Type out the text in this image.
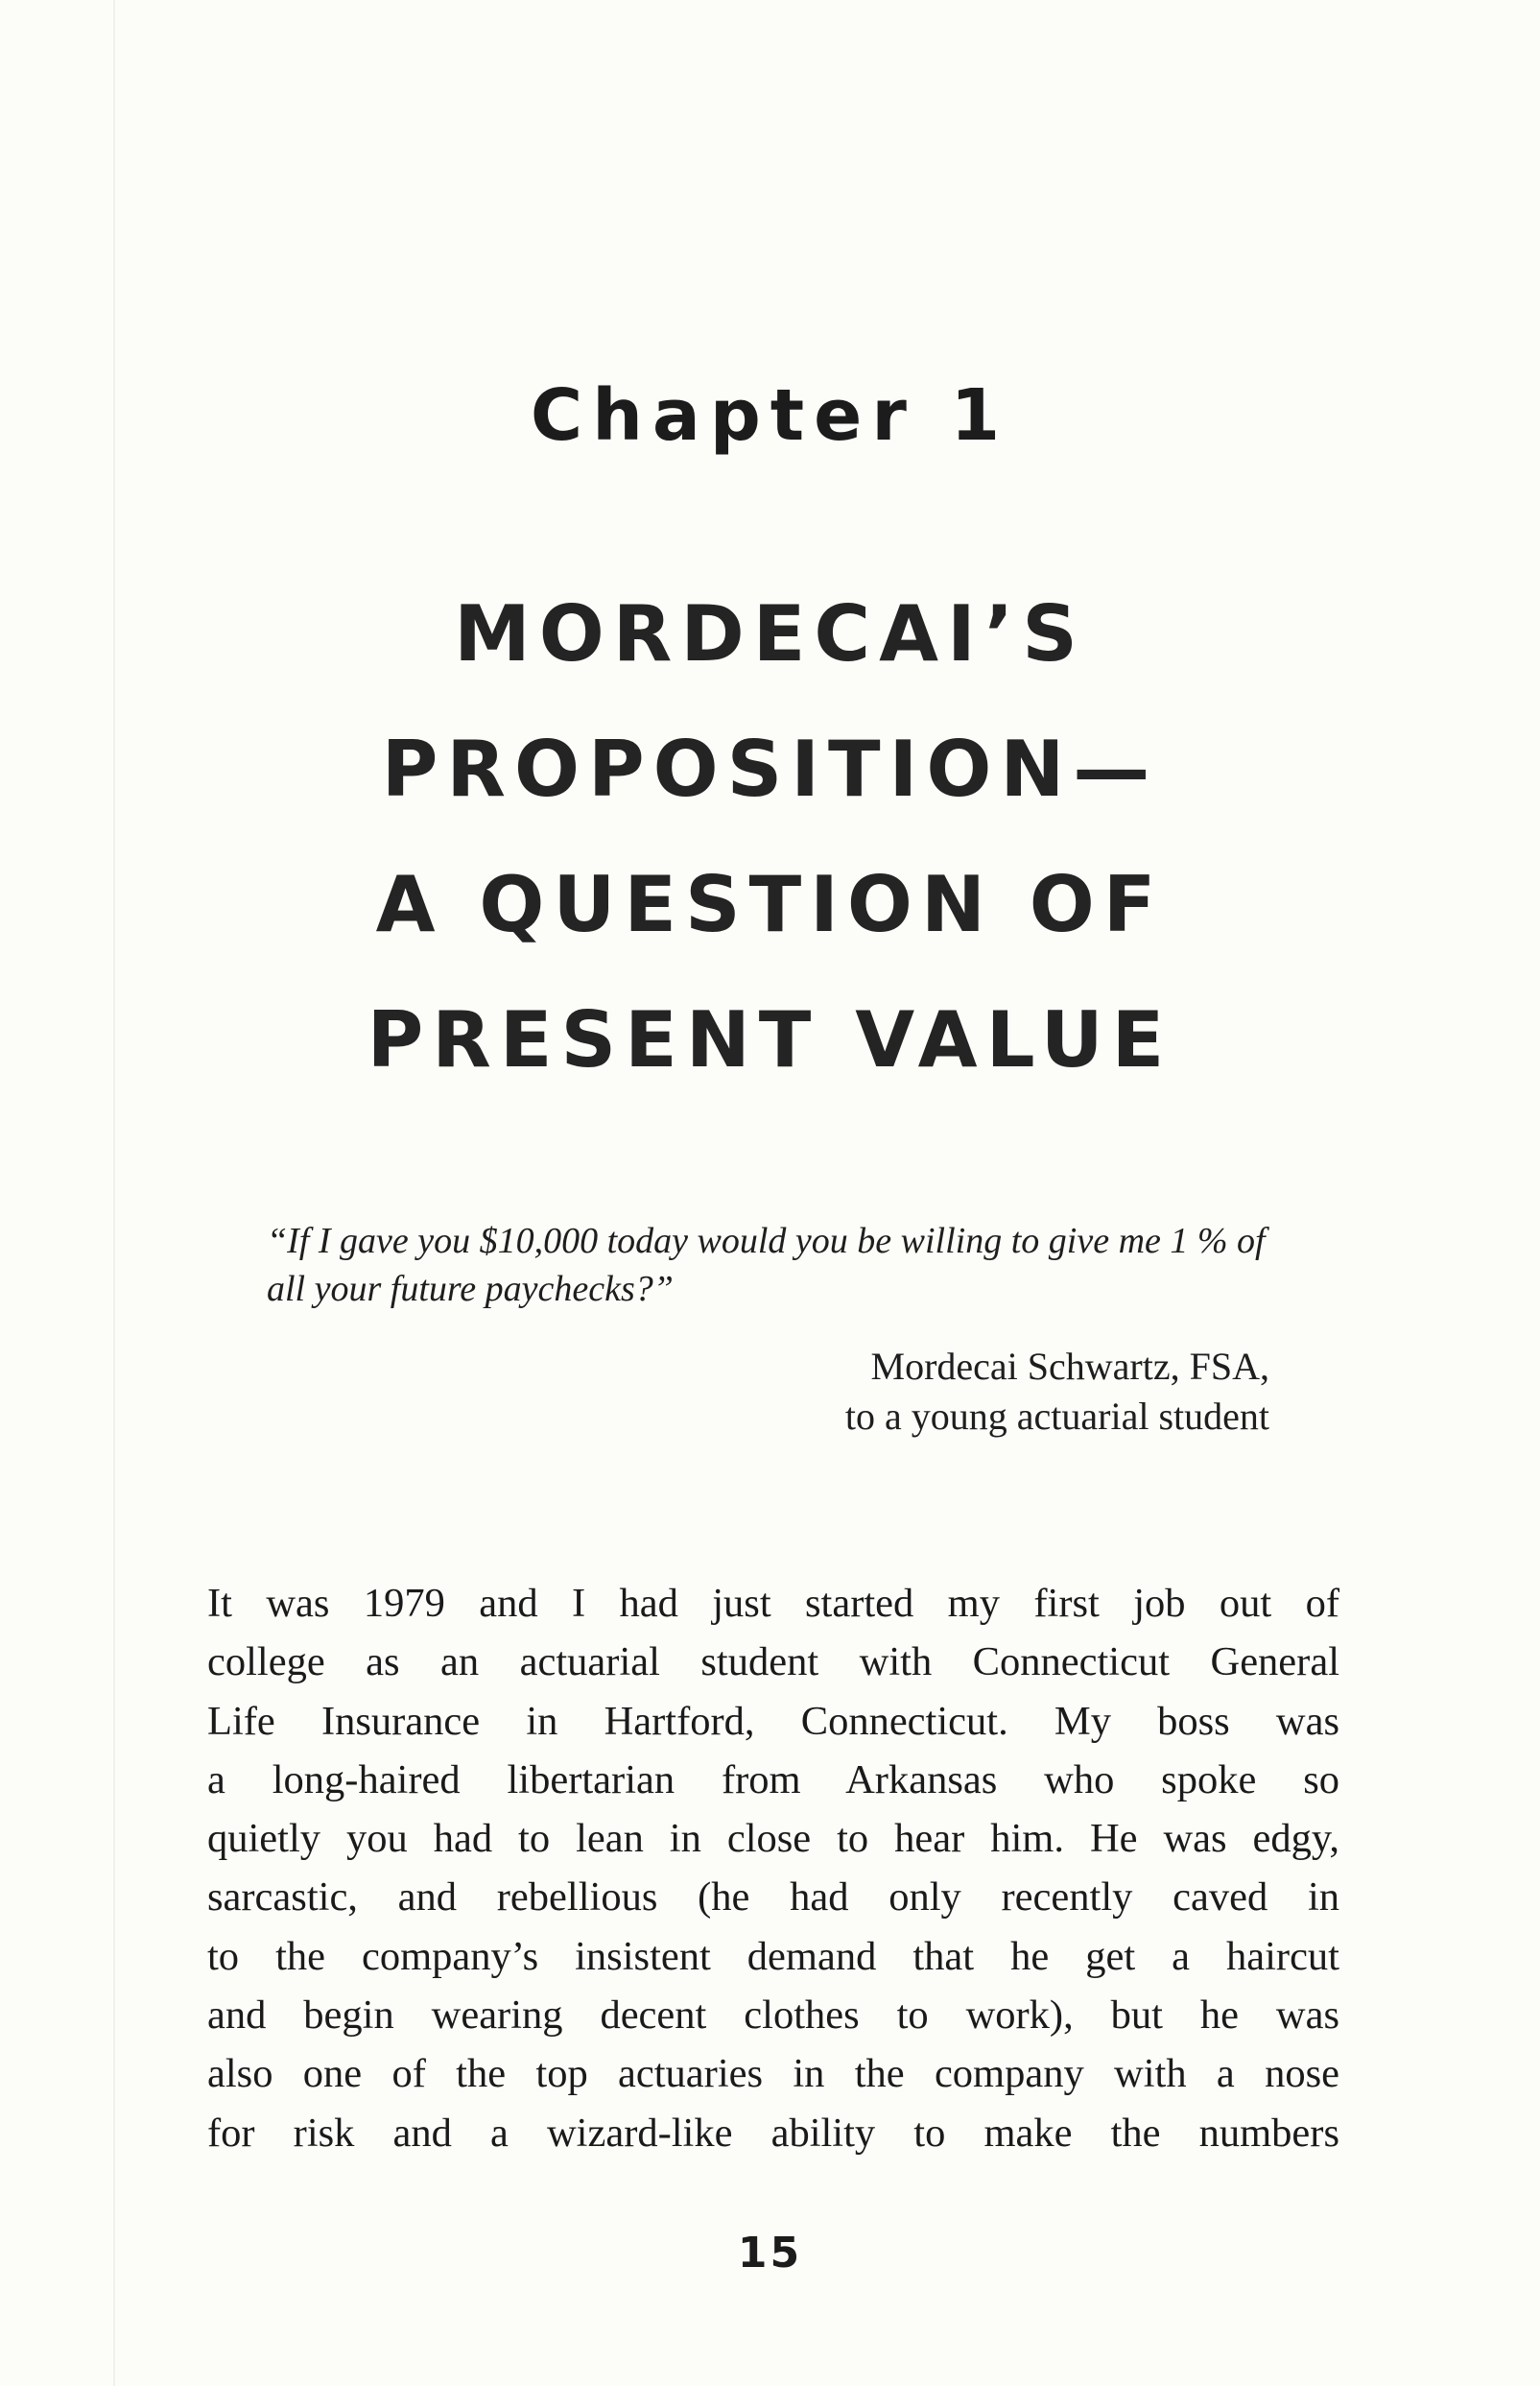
Chapter 1
MORDECAI’S
PROPOSITION—
A QUESTION OF
PRESENT VALUE

“If I gave you $10,000 today would you be willing to give me 1 % of all your future paychecks?”

Mordecai Schwartz, FSA,
to a young actuarial student

It was 1979 and I had just started my first job out of
college as an actuarial student with Connecticut General
Life Insurance in Hartford, Connecticut. My boss was
a long-haired libertarian from Arkansas who spoke so
quietly you had to lean in close to hear him. He was edgy,
sarcastic, and rebellious (he had only recently caved in
to the company’s insistent demand that he get a haircut
and begin wearing decent clothes to work), but he was
also one of the top actuaries in the company with a nose
for risk and a wizard-like ability to make the numbers
15
